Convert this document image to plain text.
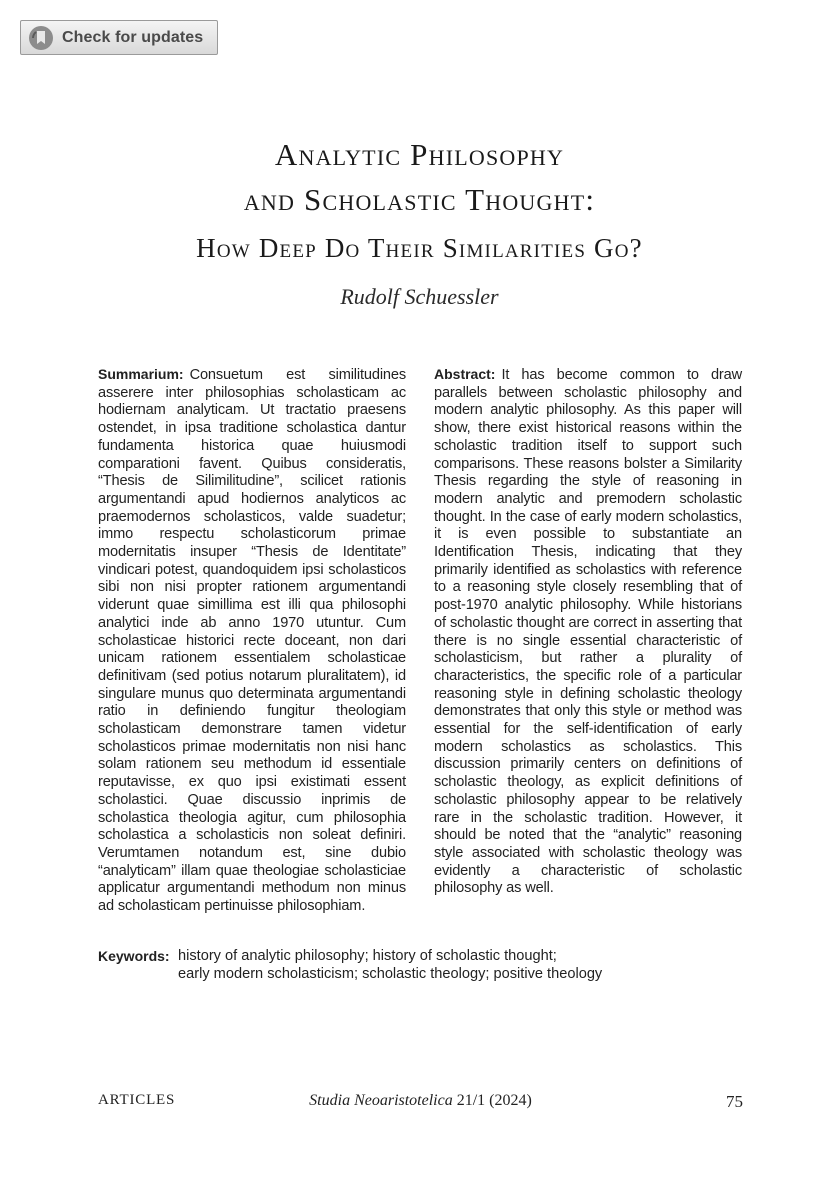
Check for updates
Analytic Philosophy
and Scholastic Thought:
How Deep Do Their Similarities Go?
Rudolf Schuessler
Summarium: Consuetum est similitudines asserere inter philosophias scholasticam ac hodiernam analyticam. Ut tractatio praesens ostendet, in ipsa traditione scholastica dantur fundamenta historica quae huiusmodi comparationi favent. Quibus consideratis, “Thesis de Silimilitudine”, scilicet rationis argumentandi apud hodiernos analyticos ac praemodernos scholasticos, valde suadetur; immo respectu scholasticorum primae modernitatis insuper “Thesis de Identitate” vindicari potest, quandoquidem ipsi scholasticos sibi non nisi propter rationem argumentandi viderunt quae simillima est illi qua philosophi analytici inde ab anno 1970 utuntur. Cum scholasticae historici recte doceant, non dari unicam rationem essentialem scholasticae definitivam (sed potius notarum pluralitatem), id singulare munus quo determinata argumentandi ratio in definiendo fungitur theologiam scholasticam demonstrare tamen videtur scholasticos primae modernitatis non nisi hanc solam rationem seu methodum id essentiale reputavisse, ex quo ipsi existimati essent scholastici. Quae discussio inprimis de scholastica theologia agitur, cum philosophia scholastica a scholasticis non soleat definiri. Verumtamen notandum est, sine dubio “analyticam” illam quae theologiae scholasticiae applicatur argumentandi methodum non minus ad scholasticam pertinuisse philosophiam.
Abstract: It has become common to draw parallels between scholastic philosophy and modern analytic philosophy. As this paper will show, there exist historical reasons within the scholastic tradition itself to support such comparisons. These reasons bolster a Similarity Thesis regarding the style of reasoning in modern analytic and premodern scholastic thought. In the case of early modern scholastics, it is even possible to substantiate an Identification Thesis, indicating that they primarily identified as scholastics with reference to a reasoning style closely resembling that of post-1970 analytic philosophy. While historians of scholastic thought are correct in asserting that there is no single essential characteristic of scholasticism, but rather a plurality of characteristics, the specific role of a particular reasoning style in defining scholastic theology demonstrates that only this style or method was essential for the self-identification of early modern scholastics as scholastics. This discussion primarily centers on definitions of scholastic theology, as explicit definitions of scholastic philosophy appear to be relatively rare in the scholastic tradition. However, it should be noted that the “analytic” reasoning style associated with scholastic theology was evidently a characteristic of scholastic philosophy as well.
Keywords: history of analytic philosophy; history of scholastic thought;
early modern scholasticism; scholastic theology; positive theology
ARTICLES	Studia Neoaristotelica 21/1 (2024)	75
